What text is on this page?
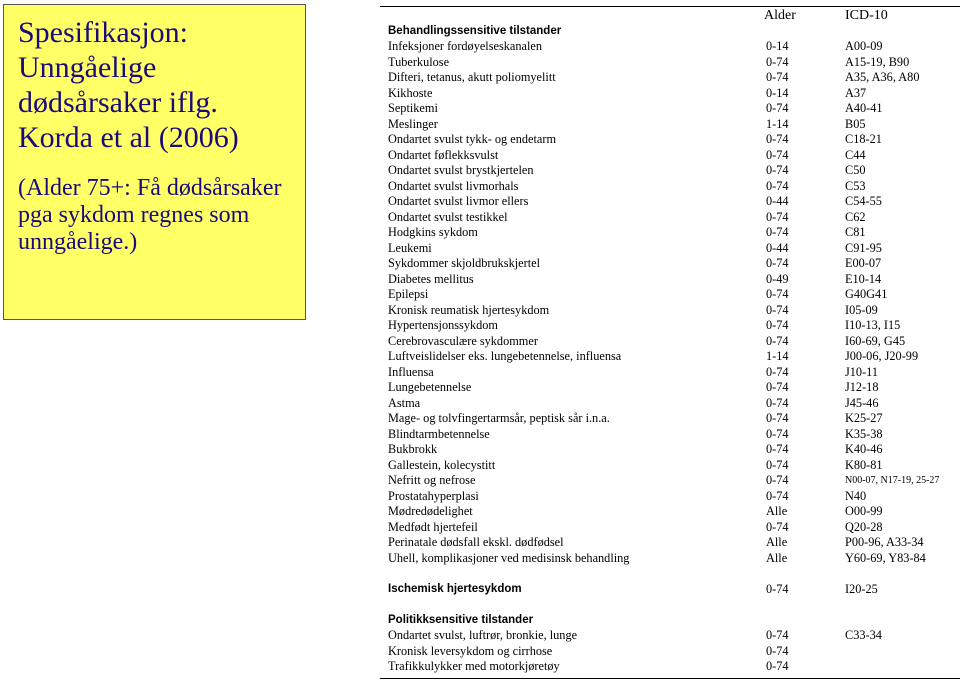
Spesifikasjon: Unngåelige dødsårsaker iflg. Korda et al (2006)
(Alder 75+: Få dødsårsaker pga sykdom regnes som unngåelige.)
Alder	ICD-10
Behandlingssensitive tilstander
Infeksjoner fordøyelseskanalen	0-14	A00-09
Tuberkulose	0-74	A15-19, B90
Difteri, tetanus, akutt poliomyelitt	0-74	A35, A36, A80
Kikhoste	0-14	A37
Septikemi	0-74	A40-41
Meslinger	1-14	B05
Ondartet svulst tykk- og endetarm	0-74	C18-21
Ondartet føflekksvulst	0-74	C44
Ondartet svulst brystkjertelen	0-74	C50
Ondartet svulst livmorhals	0-74	C53
Ondartet svulst livmor ellers	0-44	C54-55
Ondartet svulst testikkel	0-74	C62
Hodgkins sykdom	0-74	C81
Leukemi	0-44	C91-95
Sykdommer skjoldbrukskjertel	0-74	E00-07
Diabetes mellitus	0-49	E10-14
Epilepsi	0-74	G40G41
Kronisk reumatisk hjertesykdom	0-74	I05-09
Hypertensjonssykdom	0-74	I10-13, I15
Cerebrovasculære sykdommer	0-74	I60-69, G45
Luftveislidelser eks. lungebetennelse, influensa	1-14	J00-06, J20-99
Influensa	0-74	J10-11
Lungebetennelse	0-74	J12-18
Astma	0-74	J45-46
Mage- og tolvfingertarmsår, peptisk sår i.n.a.	0-74	K25-27
Blindtarmbetennelse	0-74	K35-38
Bukbrokk	0-74	K40-46
Gallestein, kolecystitt	0-74	K80-81
Nefritt og nefrose	0-74	N00-07, N17-19, 25-27
Prostatahyperplasi	0-74	N40
Mødredødelighet	Alle	O00-99
Medfødt hjertefeil	0-74	Q20-28
Perinatale dødsfall ekskl. dødfødsel	Alle	P00-96, A33-34
Uhell, komplikasjoner ved medisinsk behandling	Alle	Y60-69, Y83-84
Ischemisk hjertesykdom	0-74	I20-25
Politikksensitive tilstander
Ondartet svulst, luftrør, bronkie, lunge	0-74	C33-34
Kronisk leversykdom og cirrhose	0-74
Trafikkulykker med motorkjøretøy	0-74
